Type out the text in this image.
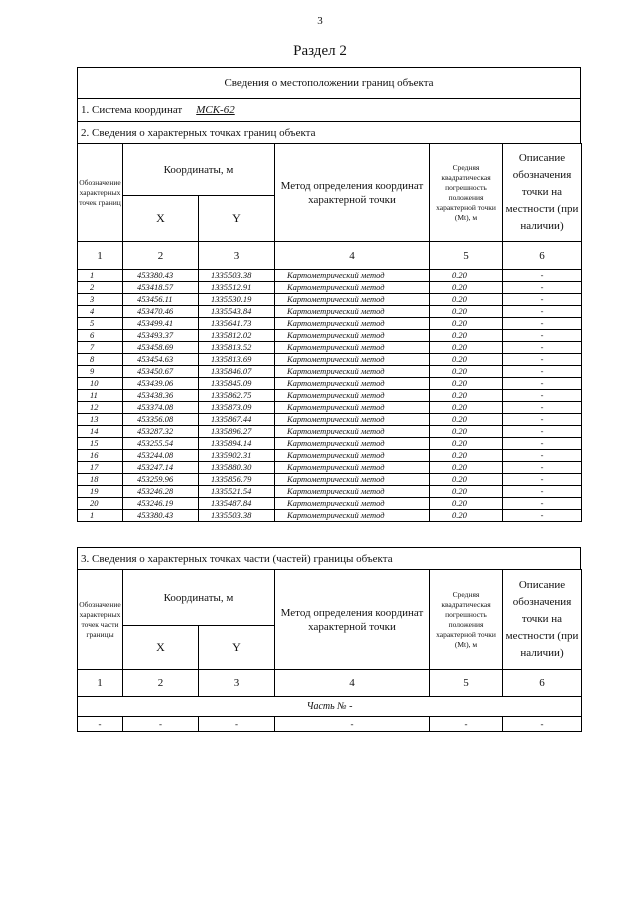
3
Раздел 2
Сведения о местоположении границ объекта
1. Система координат МСК-62
2. Сведения о характерных точках границ объекта
Обозначение характерных точек границ	Координаты, м		Метод определения координат характерной точки	Средняя квадратическая погрешность положения характерной точки (Мt), м	Описание обозначения точки на местности (при наличии)
	X	Y			
1	2	3	4	5	6
1	453380.43	1335503.38	Картометрический метод	0.20	-
2	453418.57	1335512.91	Картометрический метод	0.20	-
3	453456.11	1335530.19	Картометрический метод	0.20	-
4	453470.46	1335543.84	Картометрический метод	0.20	-
5	453499.41	1335641.73	Картометрический метод	0.20	-
6	453493.37	1335812.02	Картометрический метод	0.20	-
7	453458.69	1335813.52	Картометрический метод	0.20	-
8	453454.63	1335813.69	Картометрический метод	0.20	-
9	453450.67	1335846.07	Картометрический метод	0.20	-
10	453439.06	1335845.09	Картометрический метод	0.20	-
11	453438.36	1335862.75	Картометрический метод	0.20	-
12	453374.08	1335873.09	Картометрический метод	0.20	-
13	453356.08	1335867.44	Картометрический метод	0.20	-
14	453287.32	1335896.27	Картометрический метод	0.20	-
15	453255.54	1335894.14	Картометрический метод	0.20	-
16	453244.08	1335902.31	Картометрический метод	0.20	-
17	453247.14	1335880.30	Картометрический метод	0.20	-
18	453259.96	1335856.79	Картометрический метод	0.20	-
19	453246.28	1335521.54	Картометрический метод	0.20	-
20	453246.19	1335487.84	Картометрический метод	0.20	-
1	453380.43	1335503.38	Картометрический метод	0.20	-
3. Сведения о характерных точках части (частей) границы объекта
Обозначение характерных точек части границы	Координаты, м		Метод определения координат характерной точки	Средняя квадратическая погрешность положения характерной точки (Мt), м	Описание обозначения точки на местности (при наличии)
	X	Y			
1	2	3	4	5	6
Часть № -					
-	-	-	-	-	-
